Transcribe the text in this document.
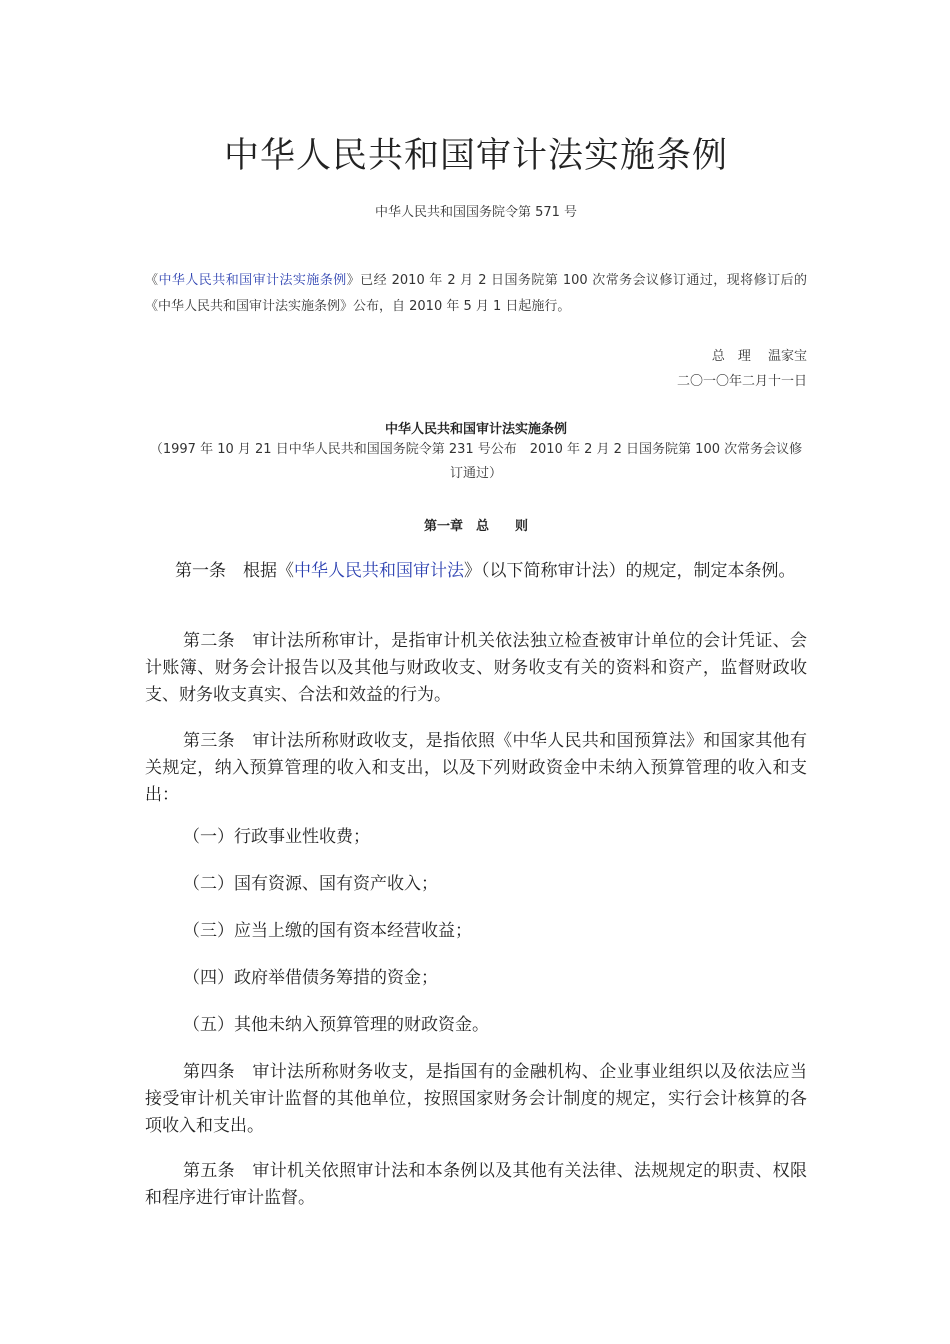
中华人民共和国审计法实施条例
中华人民共和国国务院令第 571 号

《中华人民共和国审计法实施条例》已经 2010 年 2 月 2 日国务院第 100 次常务会议修订通过，现将修订后的《中华人民共和国审计法实施条例》公布，自 2010 年 5 月 1 日起施行。

总　理　 温家宝
二〇一〇年二月十一日
中华人民共和国审计法实施条例

（1997 年 10 月 21 日中华人民共和国国务院令第 231 号公布　2010 年 2 月 2 日国务院第 100 次常务会议修订通过）

第一章　总　　则

第一条　根据《中华人民共和国审计法》（以下简称审计法）的规定，制定本条例。

第二条　审计法所称审计，是指审计机关依法独立检查被审计单位的会计凭证、会计账簿、财务会计报告以及其他与财政收支、财务收支有关的资料和资产，监督财政收支、财务收支真实、合法和效益的行为。

第三条　审计法所称财政收支，是指依照《中华人民共和国预算法》和国家其他有关规定，纳入预算管理的收入和支出，以及下列财政资金中未纳入预算管理的收入和支出：

（一）行政事业性收费；

（二）国有资源、国有资产收入；

（三）应当上缴的国有资本经营收益；

（四）政府举借债务筹措的资金；

（五）其他未纳入预算管理的财政资金。

第四条　审计法所称财务收支，是指国有的金融机构、企业事业组织以及依法应当接受审计机关审计监督的其他单位，按照国家财务会计制度的规定，实行会计核算的各项收入和支出。

第五条　审计机关依照审计法和本条例以及其他有关法律、法规规定的职责、权限和程序进行审计监督。
